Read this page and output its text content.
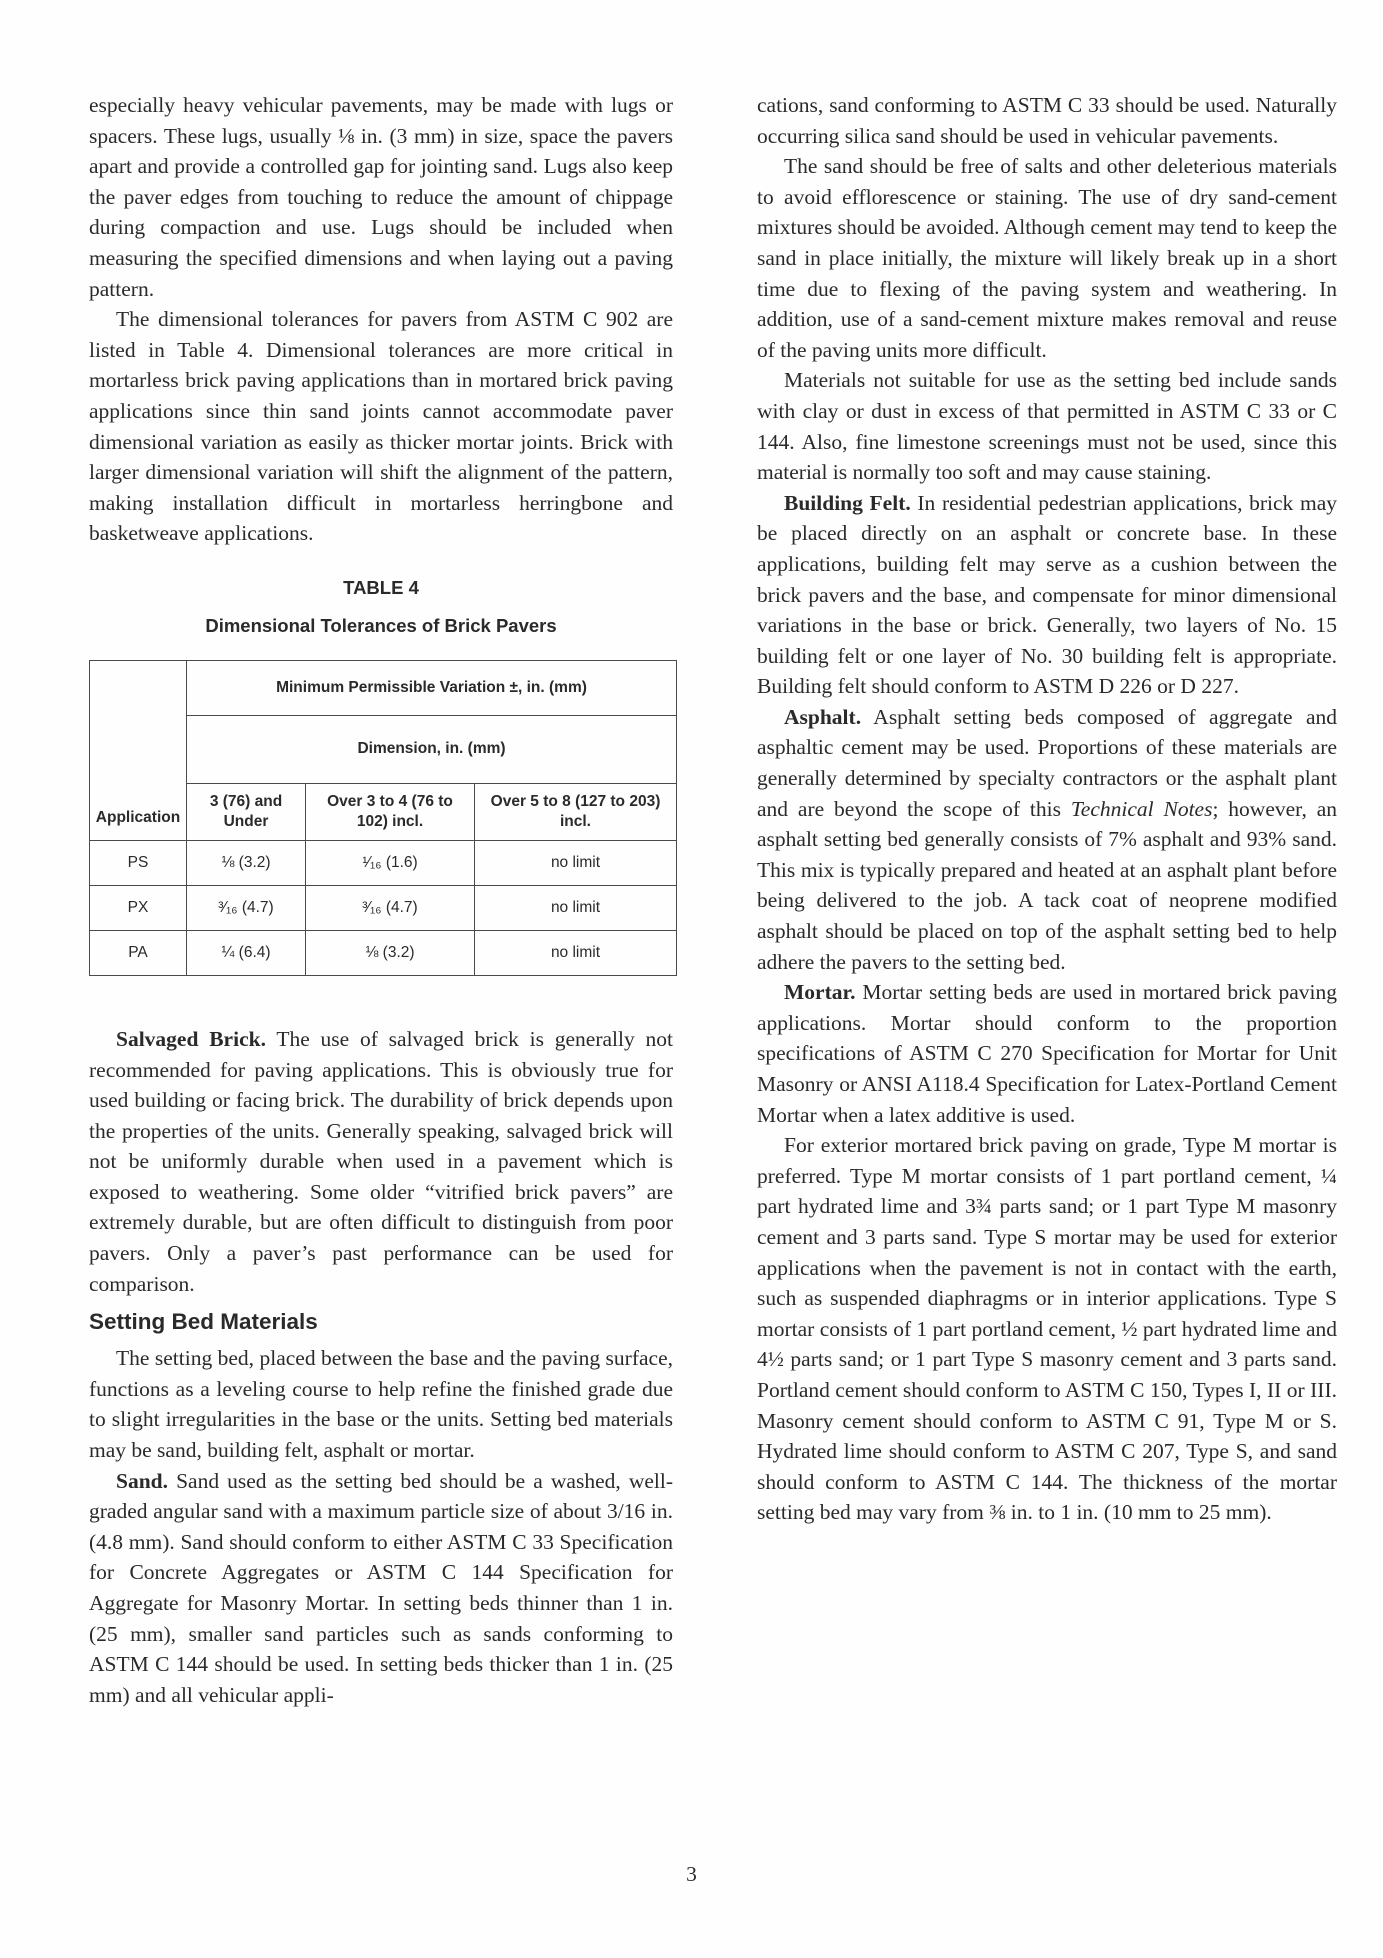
especially heavy vehicular pavements, may be made with lugs or spacers. These lugs, usually ⅛ in. (3 mm) in size, space the pavers apart and provide a controlled gap for jointing sand. Lugs also keep the paver edges from touching to reduce the amount of chippage during compaction and use. Lugs should be included when measuring the specified dimensions and when laying out a paving pattern.

The dimensional tolerances for pavers from ASTM C 902 are listed in Table 4. Dimensional tolerances are more critical in mortarless brick paving applications than in mortared brick paving applications since thin sand joints cannot accommodate paver dimensional variation as easily as thicker mortar joints. Brick with larger dimensional variation will shift the alignment of the pattern, making installation difficult in mortarless herringbone and basketweave applications.

TABLE 4
Dimensional Tolerances of Brick Pavers
Application	Minimum Permissible Variation ±, in. (mm)		
	Dimension, in. (mm)		
	3 (76) and Under	Over 3 to 4 (76 to 102) incl.	Over 5 to 8 (127 to 203) incl.
PS	⅛ (3.2)	¹⁄₁₆ (1.6)	no limit
PX	³⁄₁₆ (4.7)	³⁄₁₆ (4.7)	no limit
PA	¼ (6.4)	⅛ (3.2)	no limit

Salvaged Brick. The use of salvaged brick is generally not recommended for paving applications. This is obviously true for used building or facing brick. The durability of brick depends upon the properties of the units. Generally speaking, salvaged brick will not be uniformly durable when used in a pavement which is exposed to weathering. Some older “vitrified brick pavers” are extremely durable, but are often difficult to distinguish from poor pavers. Only a paver’s past performance can be used for comparison.

Setting Bed Materials

The setting bed, placed between the base and the paving surface, functions as a leveling course to help refine the finished grade due to slight irregularities in the base or the units. Setting bed materials may be sand, building felt, asphalt or mortar.

Sand. Sand used as the setting bed should be a washed, well-graded angular sand with a maximum particle size of about 3/16 in. (4.8 mm). Sand should conform to either ASTM C 33 Specification for Concrete Aggregates or ASTM C 144 Specification for Aggregate for Masonry Mortar. In setting beds thinner than 1 in. (25 mm), smaller sand particles such as sands conforming to ASTM C 144 should be used. In setting beds thicker than 1 in. (25 mm) and all vehicular appli-

cations, sand conforming to ASTM C 33 should be used. Naturally occurring silica sand should be used in vehicular pavements.

The sand should be free of salts and other deleterious materials to avoid efflorescence or staining. The use of dry sand-cement mixtures should be avoided. Although cement may tend to keep the sand in place initially, the mixture will likely break up in a short time due to flexing of the paving system and weathering. In addition, use of a sand-cement mixture makes removal and reuse of the paving units more difficult.

Materials not suitable for use as the setting bed include sands with clay or dust in excess of that permitted in ASTM C 33 or C 144. Also, fine limestone screenings must not be used, since this material is normally too soft and may cause staining.

Building Felt. In residential pedestrian applications, brick may be placed directly on an asphalt or concrete base. In these applications, building felt may serve as a cushion between the brick pavers and the base, and compensate for minor dimensional variations in the base or brick. Generally, two layers of No. 15 building felt or one layer of No. 30 building felt is appropriate. Building felt should conform to ASTM D 226 or D 227.

Asphalt. Asphalt setting beds composed of aggregate and asphaltic cement may be used. Proportions of these materials are generally determined by specialty contractors or the asphalt plant and are beyond the scope of this Technical Notes; however, an asphalt setting bed generally consists of 7% asphalt and 93% sand. This mix is typically prepared and heated at an asphalt plant before being delivered to the job. A tack coat of neoprene modified asphalt should be placed on top of the asphalt setting bed to help adhere the pavers to the setting bed.

Mortar. Mortar setting beds are used in mortared brick paving applications. Mortar should conform to the proportion specifications of ASTM C 270 Specification for Mortar for Unit Masonry or ANSI A118.4 Specification for Latex-Portland Cement Mortar when a latex additive is used.

For exterior mortared brick paving on grade, Type M mortar is preferred. Type M mortar consists of 1 part portland cement, ¼ part hydrated lime and 3¾ parts sand; or 1 part Type M masonry cement and 3 parts sand. Type S mortar may be used for exterior applications when the pavement is not in contact with the earth, such as suspended diaphragms or in interior applications. Type S mortar consists of 1 part portland cement, ½ part hydrated lime and 4½ parts sand; or 1 part Type S masonry cement and 3 parts sand. Portland cement should conform to ASTM C 150, Types I, II or III. Masonry cement should conform to ASTM C 91, Type M or S. Hydrated lime should conform to ASTM C 207, Type S, and sand should conform to ASTM C 144. The thickness of the mortar setting bed may vary from ⅜ in. to 1 in. (10 mm to 25 mm).

3
